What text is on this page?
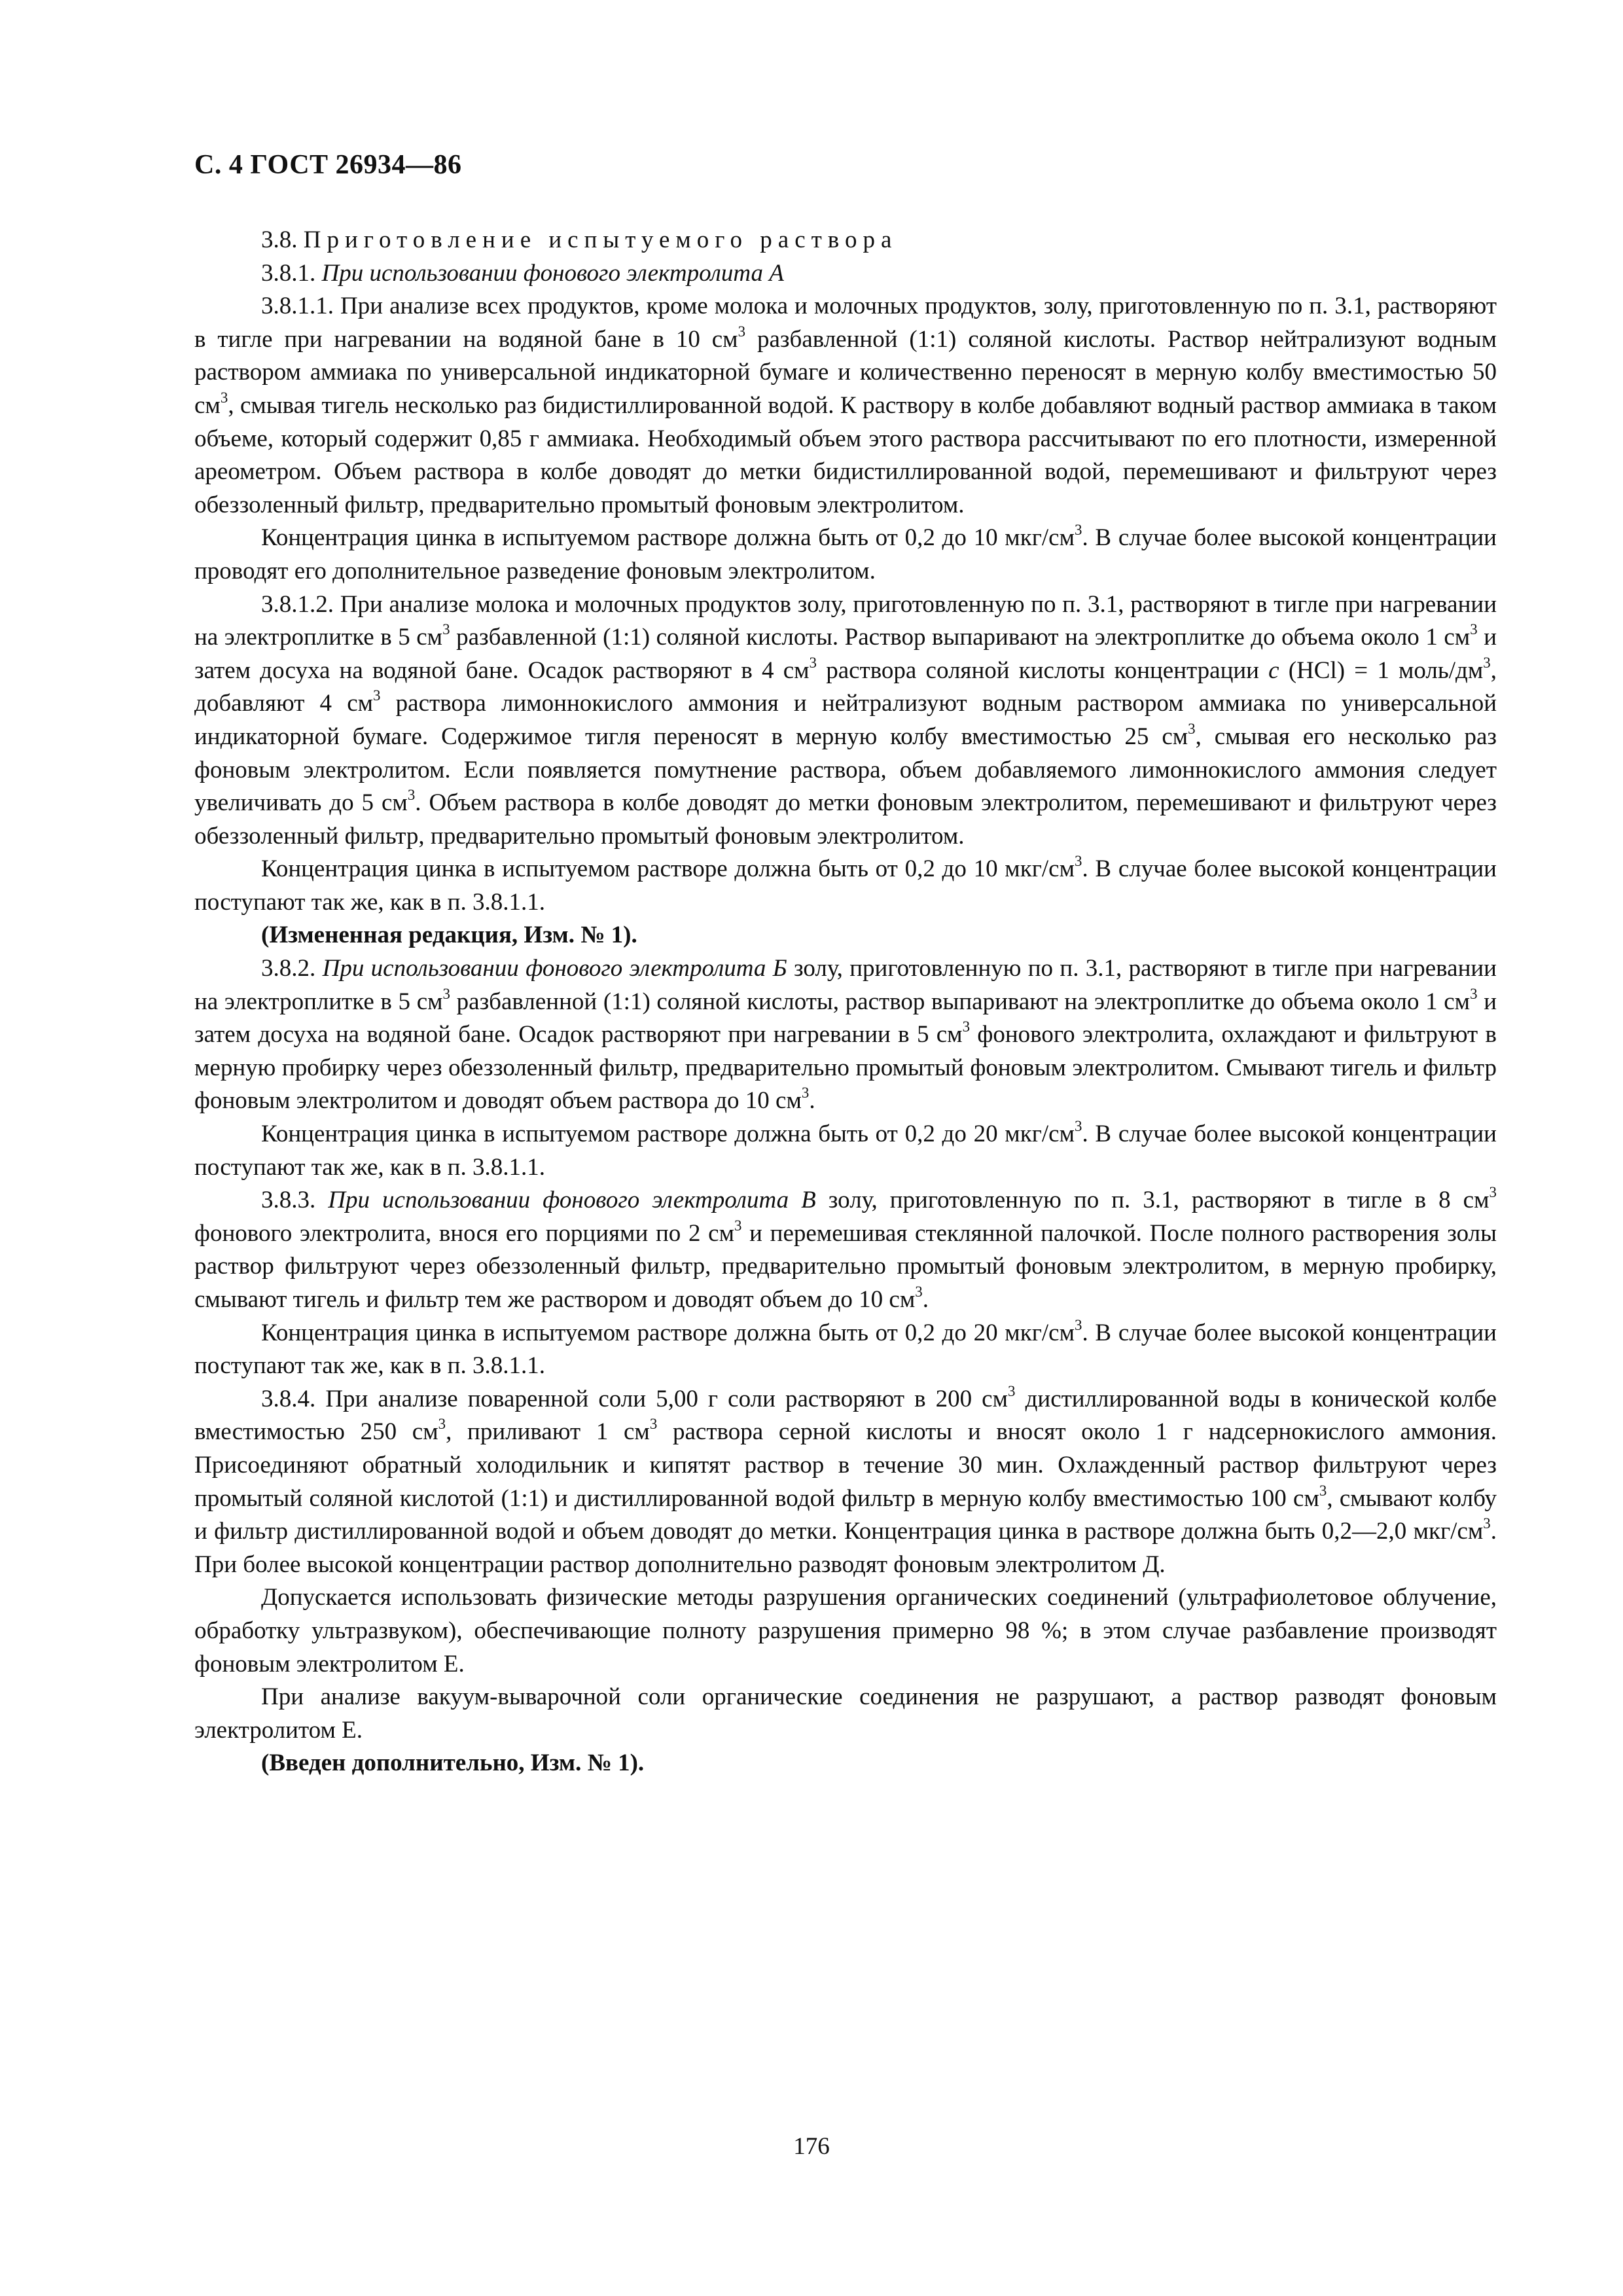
С. 4 ГОСТ 26934—86

3.8. Приготовление испытуемого раствора

3.8.1. При использовании фонового электролита А

3.8.1.1. При анализе всех продуктов, кроме молока и молочных продуктов, золу, приготовленную по п. 3.1, растворяют в тигле при нагревании на водяной бане в 10 $см^3$ разбавленной (1:1) соляной кислоты. Раствор нейтрализуют водным раствором аммиака по универсальной индикаторной бумаге и количественно переносят в мерную колбу вместимостью 50 $см^3$, смывая тигель несколько раз бидистиллированной водой. К раствору в колбе добавляют водный раствор аммиака в таком объеме, который содержит 0,85 г аммиака. Необходимый объем этого раствора рассчитывают по его плотности, измеренной ареометром. Объем раствора в колбе доводят до метки бидистиллированной водой, перемешивают и фильтруют через обеззоленный фильтр, предварительно промытый фоновым электролитом.

Концентрация цинка в испытуемом растворе должна быть от 0,2 до 10 мкг/$см^3$. В случае более высокой концентрации проводят его дополнительное разведение фоновым электролитом.

3.8.1.2. При анализе молока и молочных продуктов золу, приготовленную по п. 3.1, растворяют в тигле при нагревании на электроплитке в 5 $см^3$ разбавленной (1:1) соляной кислоты. Раствор выпаривают на электроплитке до объема около 1 $см^3$ и затем досуха на водяной бане. Осадок растворяют в 4 $см^3$ раствора соляной кислоты концентрации c (HCl) = 1 моль/$дм^3$, добавляют 4 $см^3$ раствора лимоннокислого аммония и нейтрализуют водным раствором аммиака по универсальной индикаторной бумаге. Содержимое тигля переносят в мерную колбу вместимостью 25 $см^3$, смывая его несколько раз фоновым электролитом. Если появляется помутнение раствора, объем добавляемого лимоннокислого аммония следует увеличивать до 5 $см^3$. Объем раствора в колбе доводят до метки фоновым электролитом, перемешивают и фильтруют через обеззоленный фильтр, предварительно промытый фоновым электролитом.

Концентрация цинка в испытуемом растворе должна быть от 0,2 до 10 мкг/$см^3$. В случае более высокой концентрации поступают так же, как в п. 3.8.1.1.

(Измененная редакция, Изм. № 1).

3.8.2. При использовании фонового электролита Б золу, приготовленную по п. 3.1, растворяют в тигле при нагревании на электроплитке в 5 $см^3$ разбавленной (1:1) соляной кислоты, раствор выпаривают на электроплитке до объема около 1 $см^3$ и затем досуха на водяной бане. Осадок растворяют при нагревании в 5 $см^3$ фонового электролита, охлаждают и фильтруют в мерную пробирку через обеззоленный фильтр, предварительно промытый фоновым электролитом. Смывают тигель и фильтр фоновым электролитом и доводят объем раствора до 10 $см^3$.

Концентрация цинка в испытуемом растворе должна быть от 0,2 до 20 мкг/$см^3$. В случае более высокой концентрации поступают так же, как в п. 3.8.1.1.

3.8.3. При использовании фонового электролита В золу, приготовленную по п. 3.1, растворяют в тигле в 8 $см^3$ фонового электролита, внося его порциями по 2 $см^3$ и перемешивая стеклянной палочкой. После полного растворения золы раствор фильтруют через обеззоленный фильтр, предварительно промытый фоновым электролитом, в мерную пробирку, смывают тигель и фильтр тем же раствором и доводят объем до 10 $см^3$.

Концентрация цинка в испытуемом растворе должна быть от 0,2 до 20 мкг/$см^3$. В случае более высокой концентрации поступают так же, как в п. 3.8.1.1.

3.8.4. При анализе поваренной соли 5,00 г соли растворяют в 200 $см^3$ дистиллированной воды в конической колбе вместимостью 250 $см^3$, приливают 1 $см^3$ раствора серной кислоты и вносят около 1 г надсернокислого аммония. Присоединяют обратный холодильник и кипятят раствор в течение 30 мин. Охлажденный раствор фильтруют через промытый соляной кислотой (1:1) и дистиллированной водой фильтр в мерную колбу вместимостью 100 $см^3$, смывают колбу и фильтр дистиллированной водой и объем доводят до метки. Концентрация цинка в растворе должна быть 0,2—2,0 мкг/$см^3$. При более высокой концентрации раствор дополнительно разводят фоновым электролитом Д.

Допускается использовать физические методы разрушения органических соединений (ультрафиолетовое облучение, обработку ультразвуком), обеспечивающие полноту разрушения примерно 98 %; в этом случае разбавление производят фоновым электролитом Е.

При анализе вакуум-выварочной соли органические соединения не разрушают, а раствор разводят фоновым электролитом Е.

(Введен дополнительно, Изм. № 1).

176
